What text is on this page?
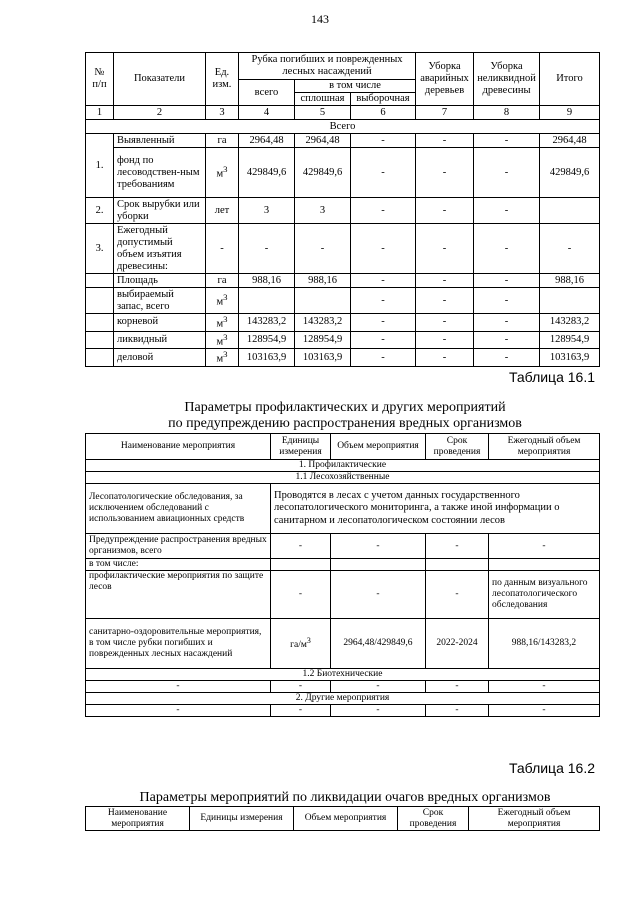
143
№ п/п	Показатели	Ед. изм.	Рубка погибших и поврежденных лесных насаждений			Уборка аварийных деревьев	Уборка неликвидной древесины	Итого
			всего	в том числе				
				сплошная	выборочная			
1	2	3	4	5	6	7	8	9
Всего								
1.	Выявленный	га	2964,48	2964,48	-	-	-	2964,48
	фонд по лесоводствен-ным требованиям	$м^3$	429849,6	429849,6	-	-	-	429849,6
2.	Срок вырубки или уборки	лет	3	3	-	-	-	
3.	Ежегодный допустимый объем изъятия древесины:	-	-	-	-	-	-	-
	Площадь	га	988,16	988,16	-	-	-	988,16
	выбираемый запас, всего	$м^3$			-	-	-	
	корневой	$м^3$	143283,2	143283,2	-	-	-	143283,2
	ликвидный	$м^3$	128954,9	128954,9	-	-	-	128954,9
	деловой	$м^3$	103163,9	103163,9	-	-	-	103163,9
Таблица 16.1
Параметры профилактических и других мероприятий
по предупреждению распространения вредных организмов
Наименование мероприятия	Единицы измерения	Объем мероприятия	Срок проведения	Ежегодный объем мероприятия
1. Профилактические				
1.1 Лесохозяйственные				
Лесопатологические обследования, за исключением обследований с использованием авиационных средств	Проводятся в лесах с учетом данных государственного лесопатологического мониторинга, а также иной информации о санитарном и лесопатологическом состоянии лесов			
Предупреждение распространения вредных организмов, всего	-	-	-	-
в том числе:				
профилактические мероприятия по защите лесов	-	-	-	по данным визуального лесопатологического обследования
санитарно-оздоровительные мероприятия, в том числе рубки погибших и поврежденных лесных насаждений	$га/м^3$	2964,48/429849,6	2022-2024	988,16/143283,2
1.2 Биотехнические				
-	-	-	-	-
2. Другие мероприятия				
-	-	-	-	-
Таблица 16.2
Параметры мероприятий по ликвидации очагов вредных организмов
Наименование мероприятия	Единицы измерения	Объем мероприятия	Срок проведения	Ежегодный объем мероприятия
